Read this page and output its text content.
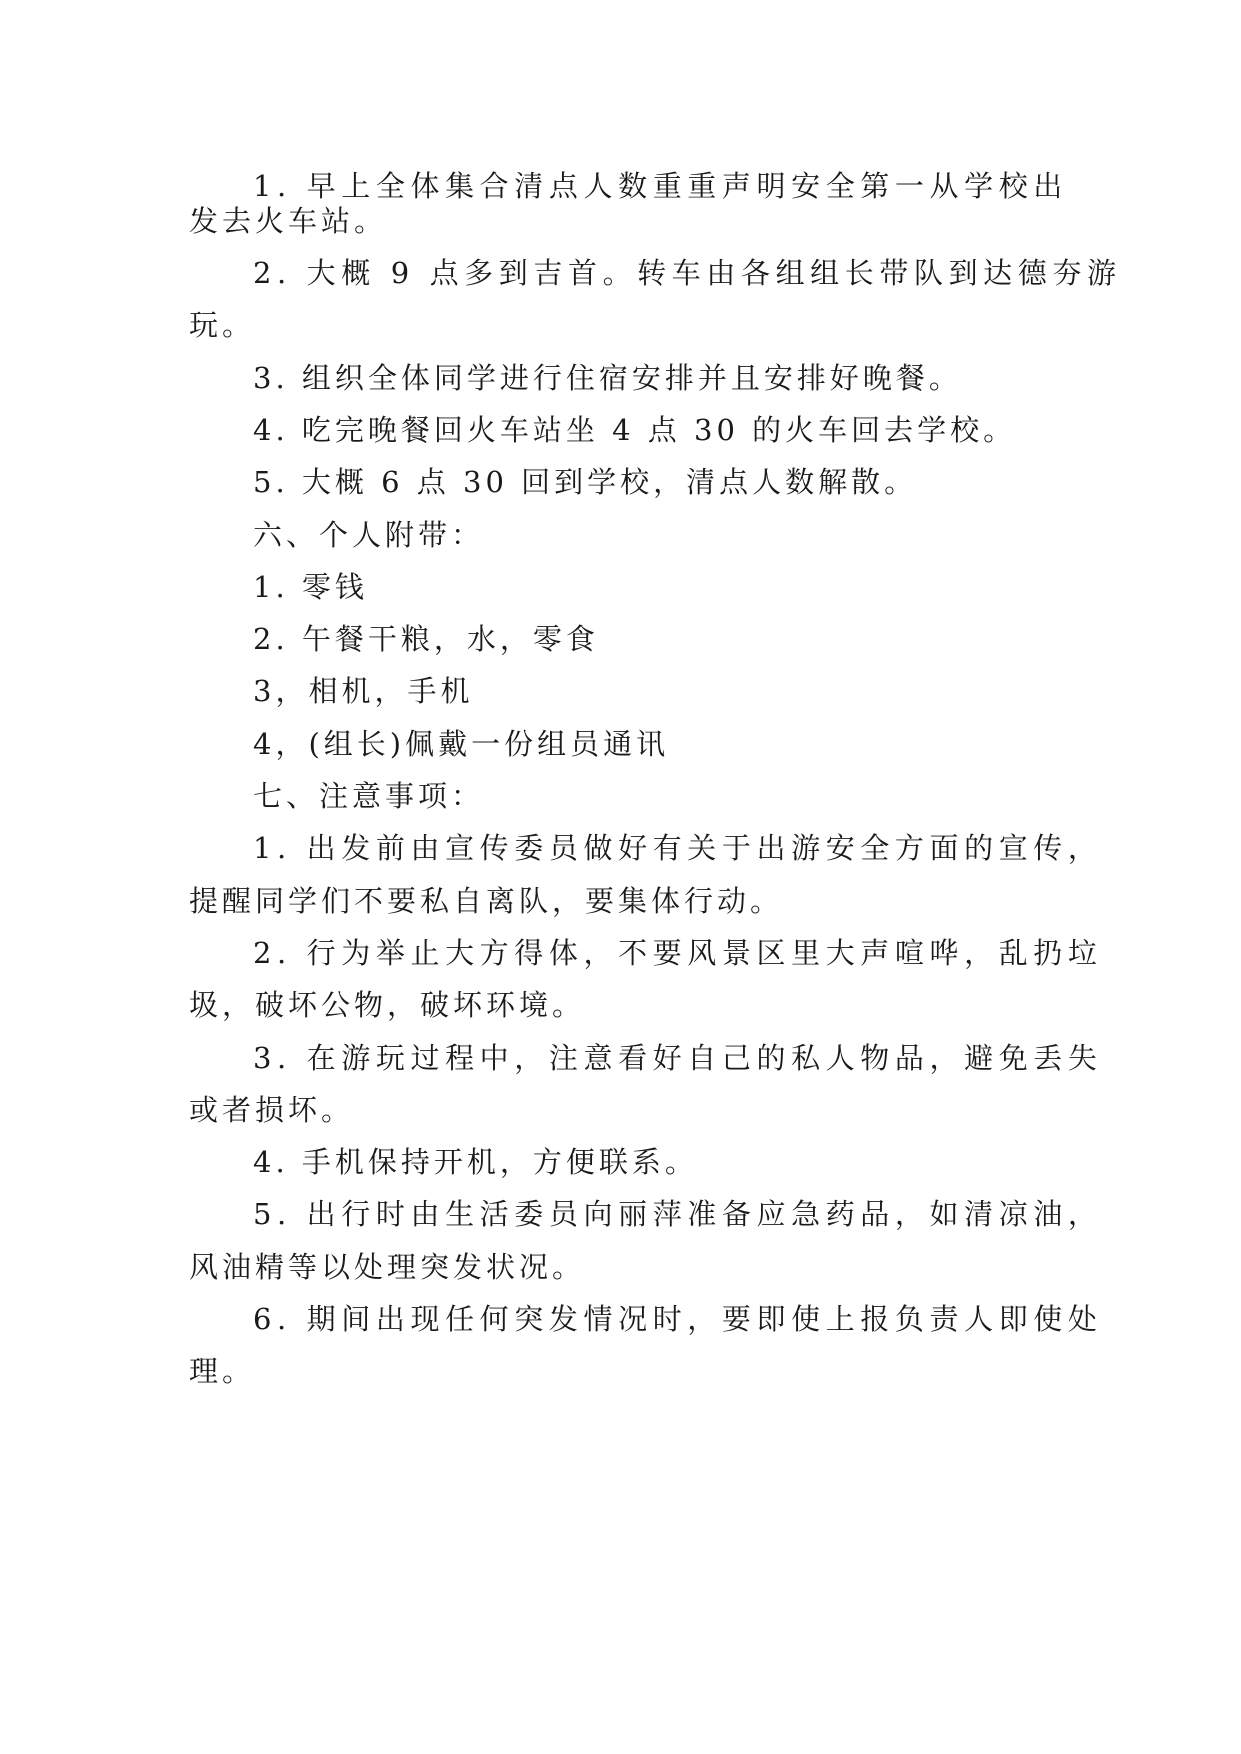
1. 早上全体集合清点人数重重声明安全第一从学校出
发去火车站。
2. 大概 9 点多到吉首。转车由各组组长带队到达德夯游
玩。
3. 组织全体同学进行住宿安排并且安排好晚餐。
4. 吃完晚餐回火车站坐 4 点 30 的火车回去学校。
5. 大概 6 点 30 回到学校，清点人数解散。
六、个人附带：
1. 零钱
2. 午餐干粮，水，零食
3，相机，手机
4，(组长)佩戴一份组员通讯
七、注意事项：
1. 出发前由宣传委员做好有关于出游安全方面的宣传，
提醒同学们不要私自离队，要集体行动。
2. 行为举止大方得体，不要风景区里大声喧哗，乱扔垃
圾，破坏公物，破坏环境。
3. 在游玩过程中，注意看好自己的私人物品，避免丢失
或者损坏。
4. 手机保持开机，方便联系。
5. 出行时由生活委员向丽萍准备应急药品，如清凉油，
风油精等以处理突发状况。
6. 期间出现任何突发情况时，要即使上报负责人即使处
理。
